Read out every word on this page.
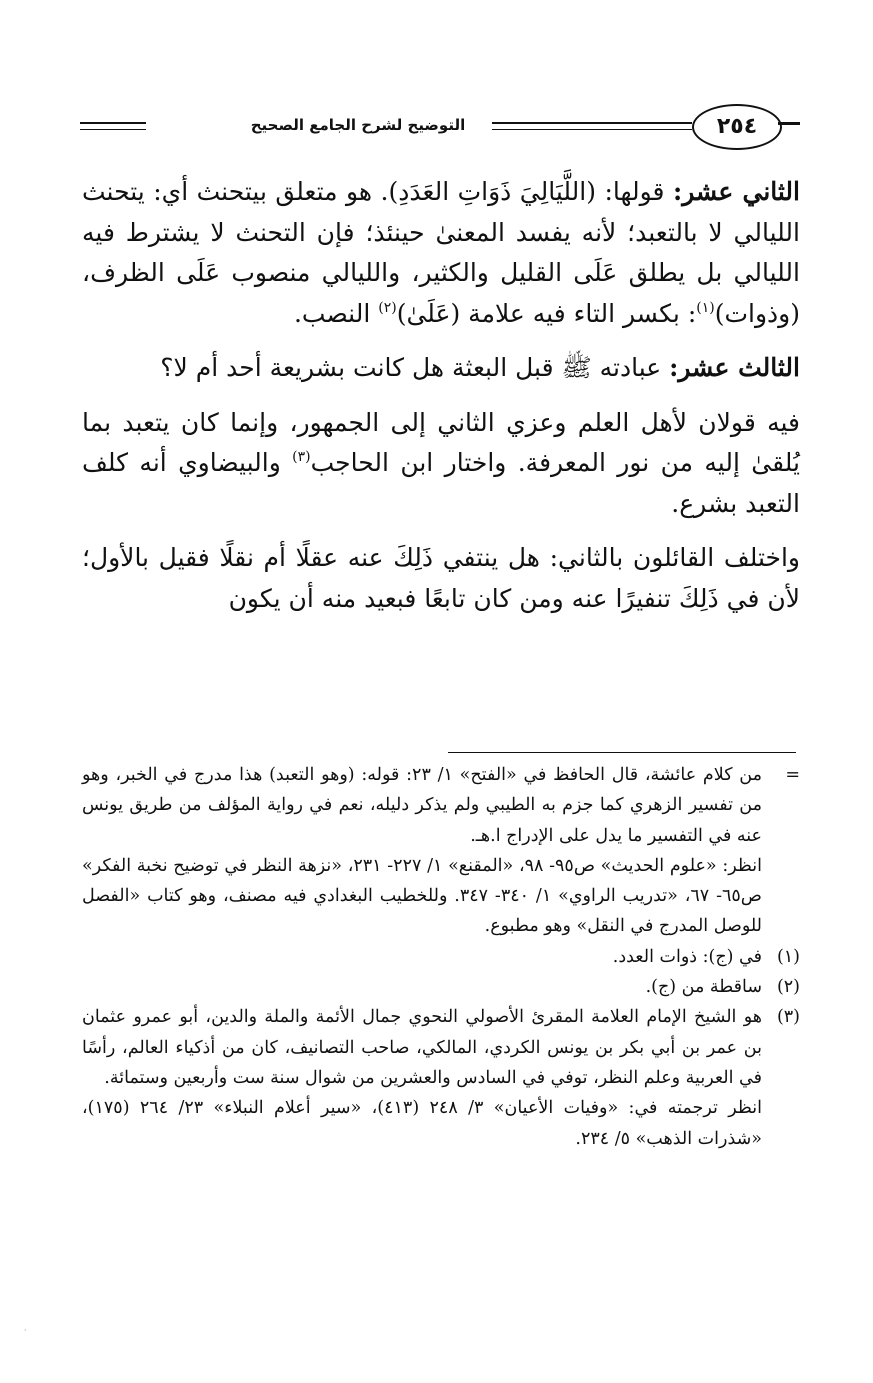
التوضيح لشرح الجامع الصحيح	٢٥٤

الثاني عشر: قولها: (اللَّيَالِيَ ذَوَاتِ العَدَدِ). هو متعلق بيتحنث أي: يتحنث الليالي لا بالتعبد؛ لأنه يفسد المعنىٰ حينئذ؛ فإن التحنث لا يشترط فيه الليالي بل يطلق عَلَى القليل والكثير، والليالي منصوب عَلَى الظرف، (وذوات)$^{(١)}$: بكسر التاء فيه علامة (عَلَىٰ)$^{(٢)}$ النصب.

الثالث عشر: عبادته ﷺ قبل البعثة هل كانت بشريعة أحد أم لا؟

فيه قولان لأهل العلم وعزي الثاني إلى الجمهور، وإنما كان يتعبد بما يُلقىٰ إليه من نور المعرفة. واختار ابن الحاجب$^{(٣)}$ والبيضاوي أنه كلف التعبد بشرع.

واختلف القائلون بالثاني: هل ينتفي ذَلِكَ عنه عقلًا أم نقلًا فقيل بالأول؛ لأن في ذَلِكَ تنفيرًا عنه ومن كان تابعًا فبعيد منه أن يكون

=

من كلام عائشة، قال الحافظ في «الفتح» ١/ ٢٣: قوله: (وهو التعبد) هذا مدرج في الخبر، وهو من تفسير الزهري كما جزم به الطيبي ولم يذكر دليله، نعم في رواية المؤلف من طريق يونس عنه في التفسير ما يدل على الإدراج ا.هـ.

انظر: «علوم الحديث» ص٩٥- ٩٨، «المقنع» ١/ ٢٢٧- ٢٣١، «نزهة النظر في توضيح نخبة الفكر» ص٦٥- ٦٧، «تدريب الراوي» ١/ ٣٤٠- ٣٤٧. وللخطيب البغدادي فيه مصنف، وهو كتاب «الفصل للوصل المدرج في النقل» وهو مطبوع.

(١)
في (ج): ذوات العدد.
(٢)
ساقطة من (ج).
(٣)

هو الشيخ الإمام العلامة المقرئ الأصولي النحوي جمال الأئمة والملة والدين، أبو عمرو عثمان بن عمر بن أبي بكر بن يونس الكردي، المالكي، صاحب التصانيف، كان من أذكياء العالم، رأسًا في العربية وعلم النظر، توفي في السادس والعشرين من شوال سنة ست وأربعين وستمائة.

انظر ترجمته في: «وفيات الأعيان» ٣/ ٢٤٨ (٤١٣)، «سير أعلام النبلاء» ٢٣/ ٢٦٤ (١٧٥)، «شذرات الذهب» ٥/ ٢٣٤.

·
